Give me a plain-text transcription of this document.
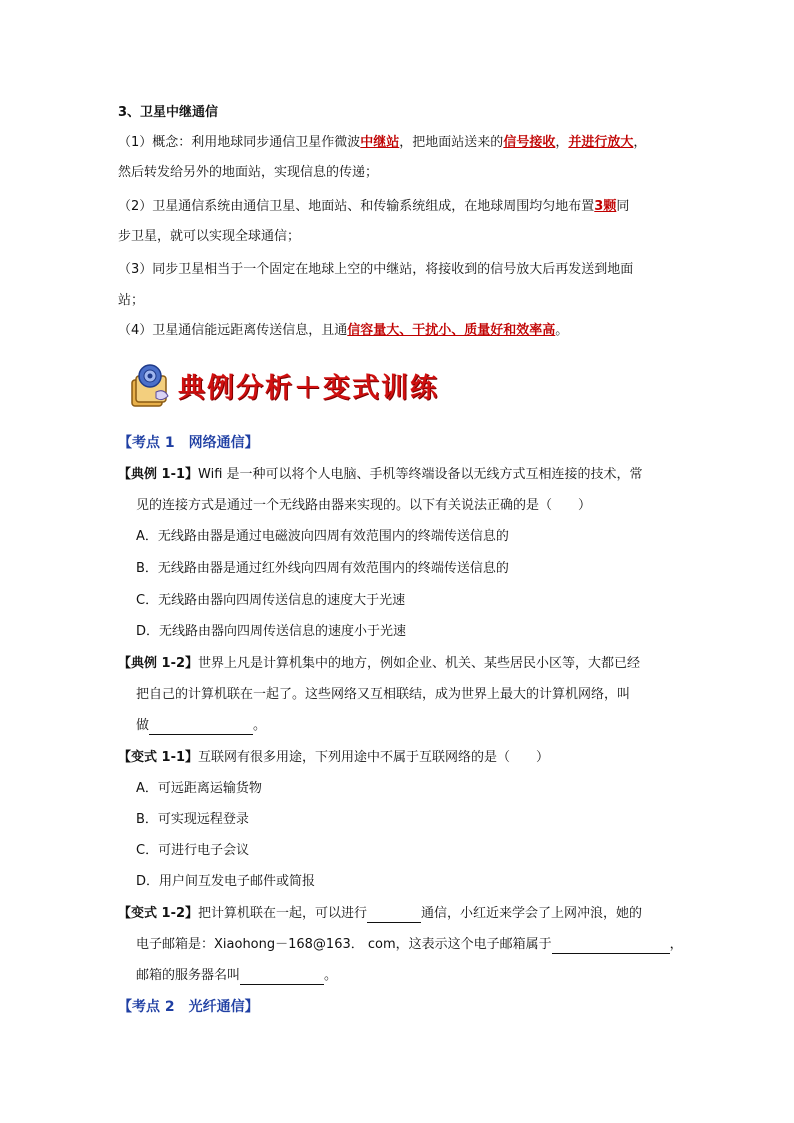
3、卫星中继通信
（1）概念：利用地球同步通信卫星作微波中继站，把地面站送来的信号接收，并进行放大，
然后转发给另外的地面站，实现信息的传递；
（2）卫星通信系统由通信卫星、地面站、和传输系统组成，在地球周围均匀地布置3颗同
步卫星，就可以实现全球通信；
（3）同步卫星相当于一个固定在地球上空的中继站，将接收到的信号放大后再发送到地面
站；
（4）卫星通信能远距离传送信息，且通信容量大、干扰小、质量好和效率高。
典例分析＋变式训练
【考点 1　网络通信】
【典例 1-1】Wifi 是一种可以将个人电脑、手机等终端设备以无线方式互相连接的技术，常
见的连接方式是通过一个无线路由器来实现的。以下有关说法正确的是（　　）
A．无线路由器是通过电磁波向四周有效范围内的终端传送信息的
B．无线路由器是通过红外线向四周有效范围内的终端传送信息的
C．无线路由器向四周传送信息的速度大于光速
D．无线路由器向四周传送信息的速度小于光速
【典例 1-2】世界上凡是计算机集中的地方，例如企业、机关、某些居民小区等，大都已经
把自己的计算机联在一起了。这些网络又互相联结，成为世界上最大的计算机网络，叫
做	。
【变式 1-1】互联网有很多用途，下列用途中不属于互联网络的是（　　）
A．可远距离运输货物
B．可实现远程登录
C．可进行电子会议
D．用户间互发电子邮件或简报
【变式 1-2】把计算机联在一起，可以进行	通信，小红近来学会了上网冲浪，她的
电子邮箱是：Xiaohong－168@163． com，这表示这个电子邮箱属于	，
邮箱的服务器名叫	。
【考点 2　光纤通信】
